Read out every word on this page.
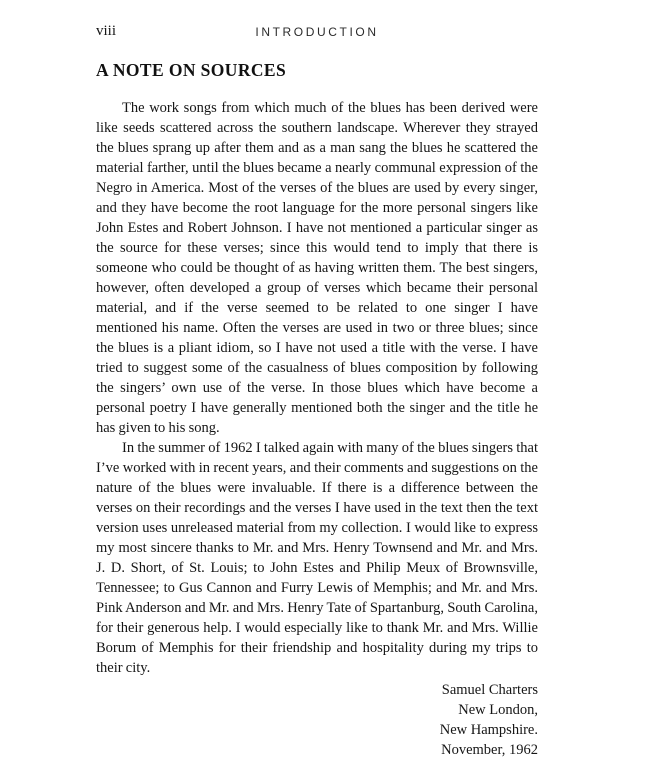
viii	INTRODUCTION
A NOTE ON SOURCES

The work songs from which much of the blues has been derived were like seeds scattered across the southern landscape. Wherever they strayed the blues sprang up after them and as a man sang the blues he scattered the material farther, until the blues became a nearly communal expression of the Negro in America. Most of the verses of the blues are used by every singer, and they have become the root language for the more personal singers like John Estes and Robert Johnson. I have not mentioned a particular singer as the source for these verses; since this would tend to imply that there is someone who could be thought of as having written them. The best singers, however, often developed a group of verses which became their personal material, and if the verse seemed to be related to one singer I have mentioned his name. Often the verses are used in two or three blues; since the blues is a pliant idiom, so I have not used a title with the verse. I have tried to suggest some of the casualness of blues composition by following the singers’ own use of the verse. In those blues which have become a personal poetry I have generally mentioned both the singer and the title he has given to his song.

In the summer of 1962 I talked again with many of the blues singers that I’ve worked with in recent years, and their comments and suggestions on the nature of the blues were invaluable. If there is a difference between the verses on their recordings and the verses I have used in the text then the text version uses unreleased material from my collection. I would like to express my most sincere thanks to Mr. and Mrs. Henry Townsend and Mr. and Mrs. J. D. Short, of St. Louis; to John Estes and Philip Meux of Brownsville, Tennessee; to Gus Cannon and Furry Lewis of Memphis; and Mr. and Mrs. Pink Anderson and Mr. and Mrs. Henry Tate of Spartanburg, South Carolina, for their generous help. I would especially like to thank Mr. and Mrs. Willie Borum of Memphis for their friendship and hospitality during my trips to their city.

Samuel Charters
New London,
New Hampshire.
November, 1962
